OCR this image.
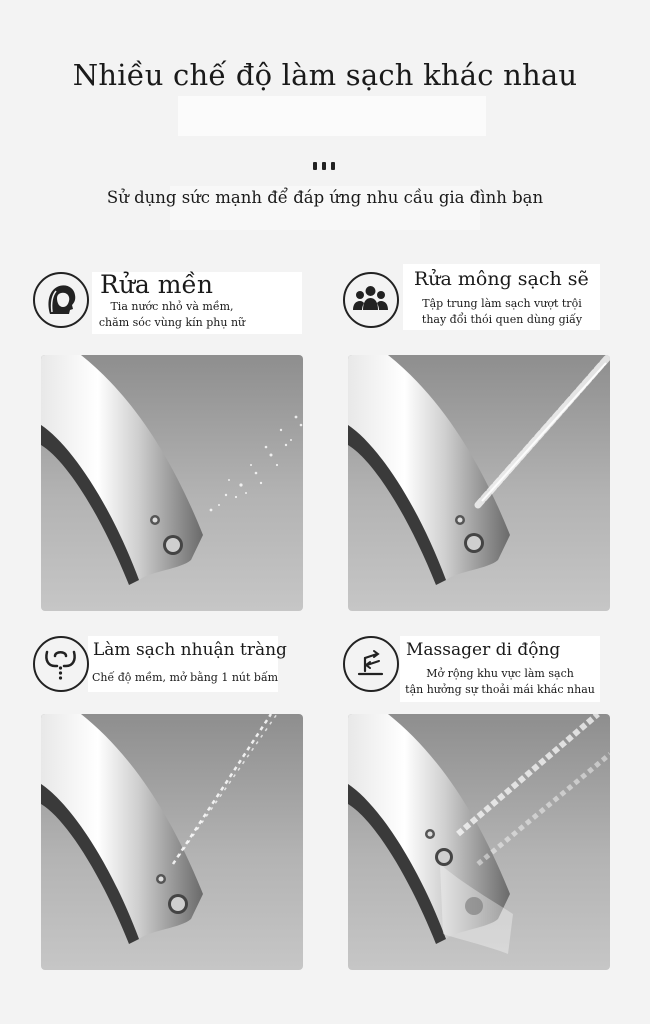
Nhiều chế độ làm sạch khác nhau
Sử dụng sức mạnh để đáp ứng nhu cầu gia đình bạn
Rửa mền
Tia nước nhỏ và mềm,
chăm sóc vùng kín phụ nữ
Rửa mông sạch sẽ
Tập trung làm sạch vượt trội
thay đổi thói quen dùng giấy
Làm sạch nhuận tràng
Chế độ mềm, mở bằng 1 nút bấm
Massager di động
Mở rộng khu vực làm sạch
tận hưởng sự thoải mái khác nhau
